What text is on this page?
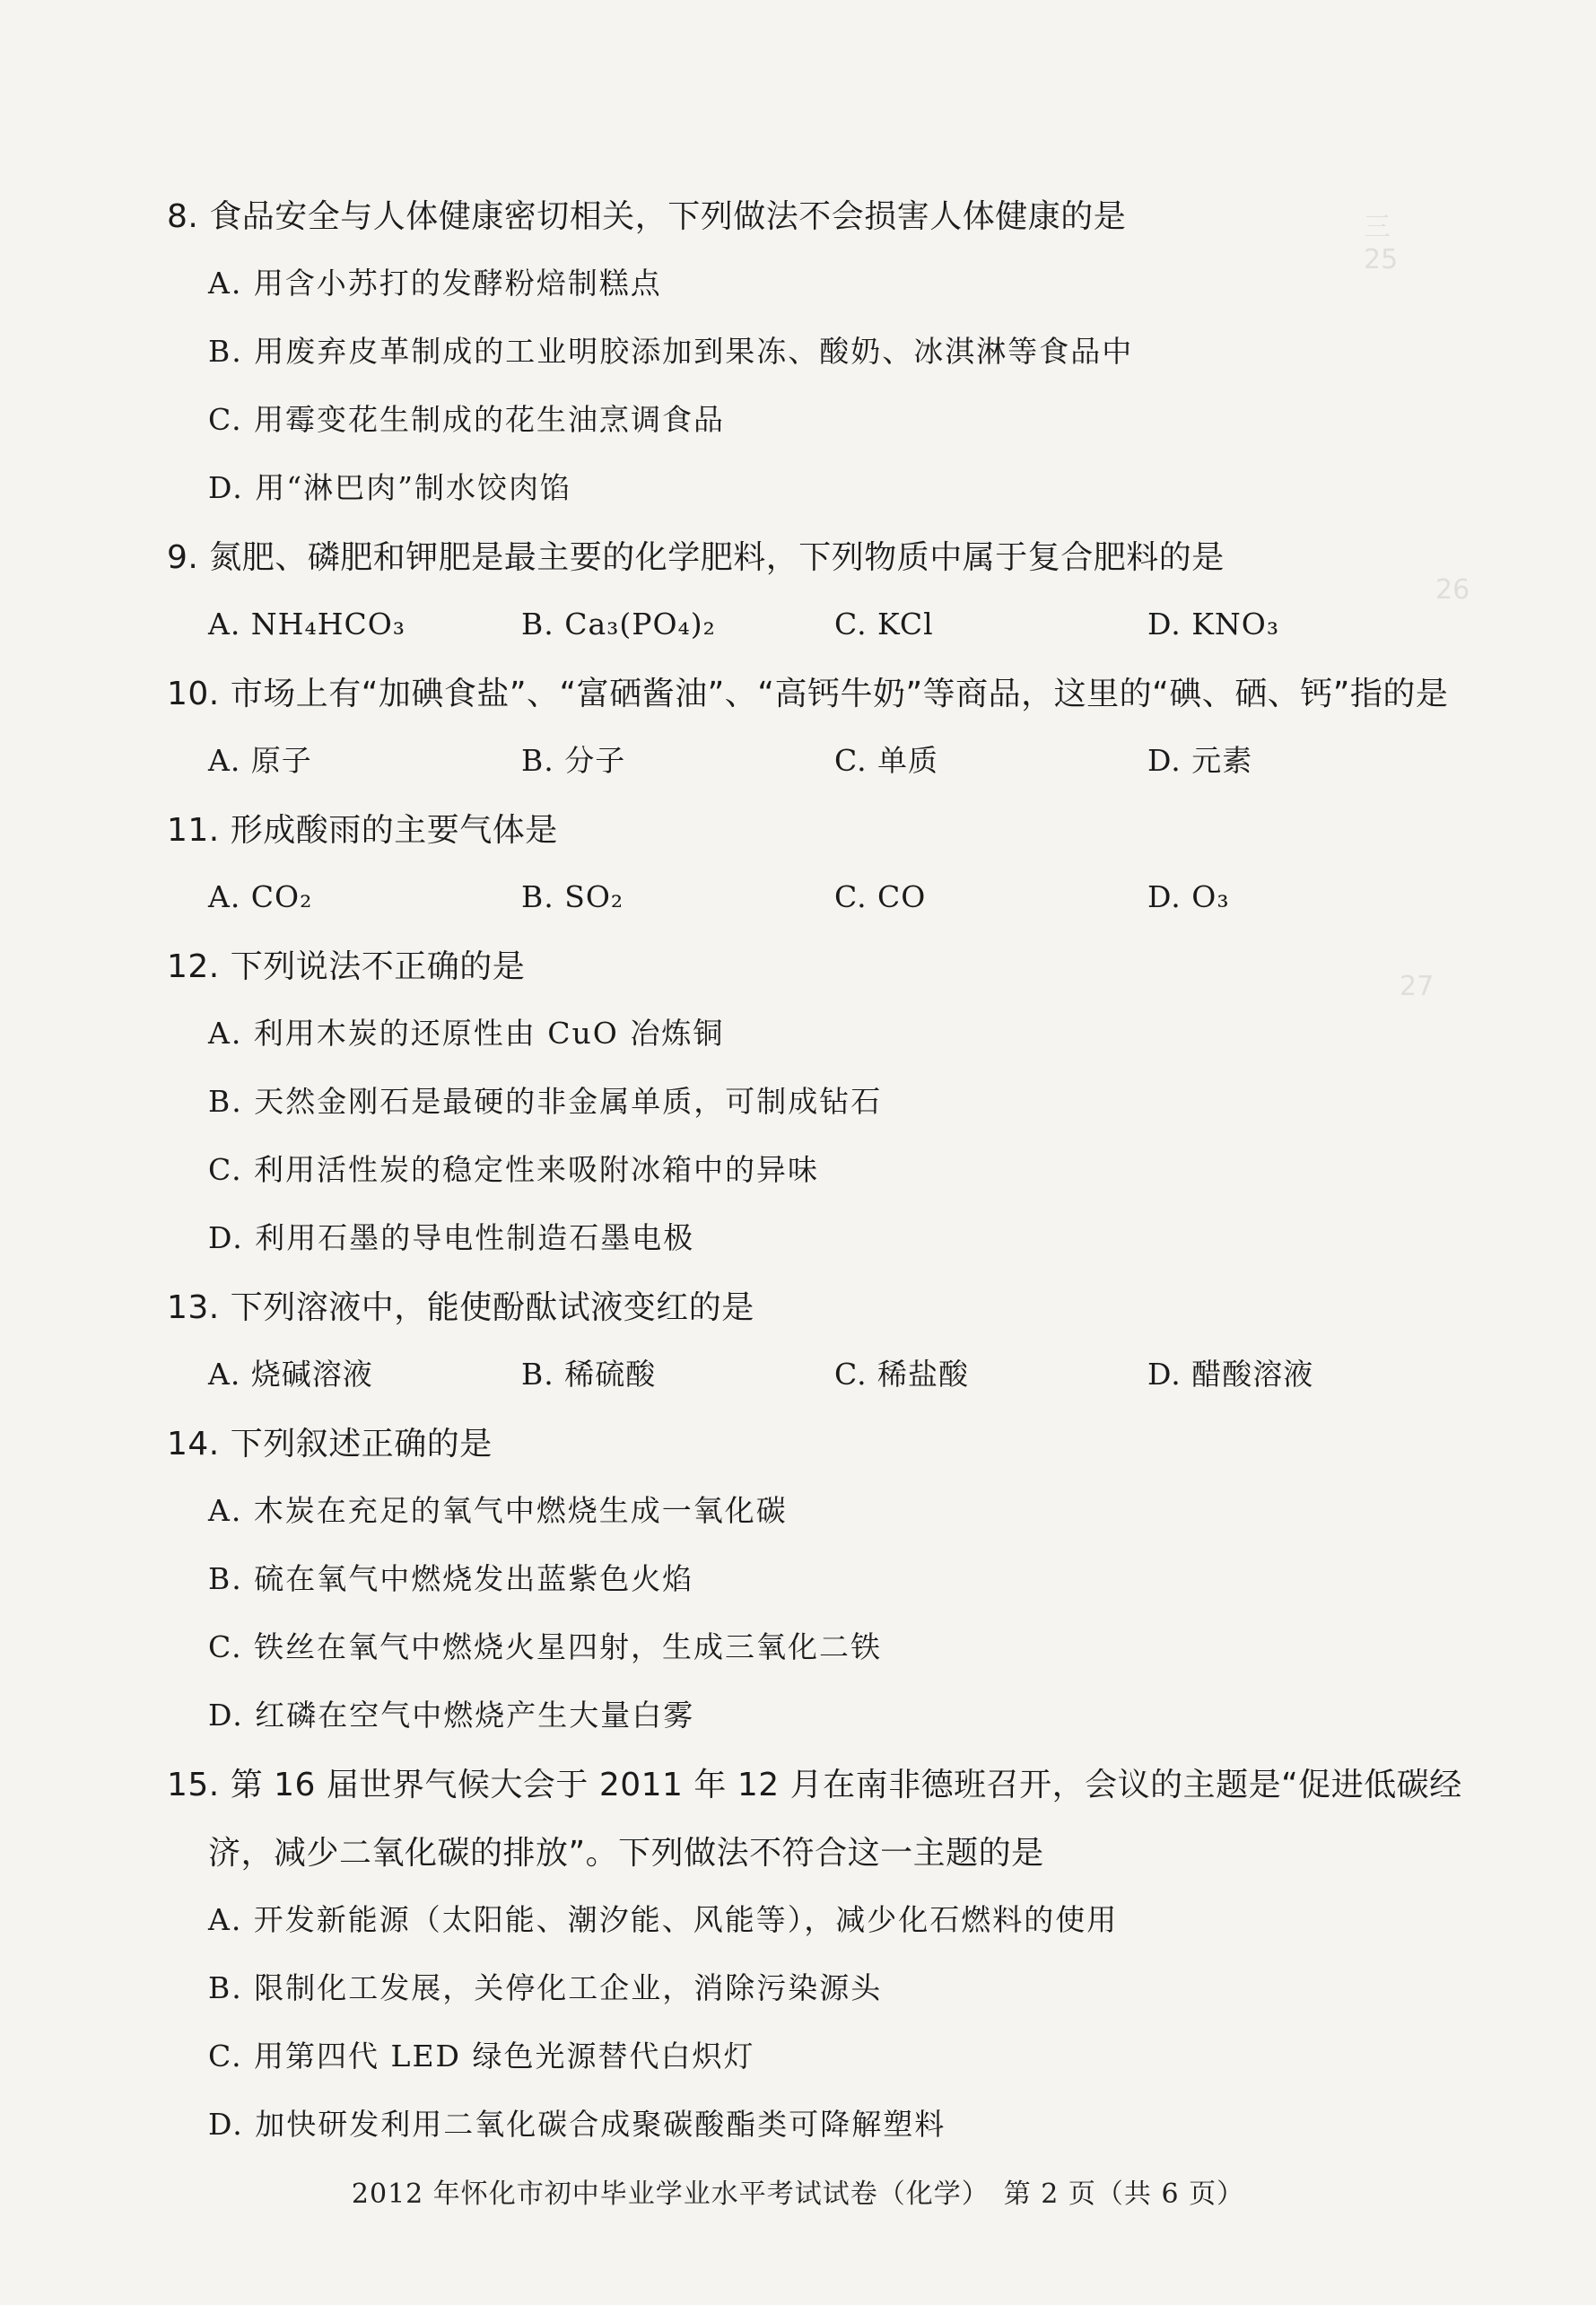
三
25
26
27

8. 食品安全与人体健康密切相关，下列做法不会损害人体健康的是

A. 用含小苏打的发酵粉焙制糕点

B. 用废弃皮革制成的工业明胶添加到果冻、酸奶、冰淇淋等食品中

C. 用霉变花生制成的花生油烹调食品

D. 用“淋巴肉”制水饺肉馅

9. 氮肥、磷肥和钾肥是最主要的化学肥料，下列物质中属于复合肥料的是

A. NH₄HCO₃	B. Ca₃(PO₄)₂	C. KCl	D. KNO₃

10. 市场上有“加碘食盐”、“富硒酱油”、“高钙牛奶”等商品，这里的“碘、硒、钙”指的是

A. 原子	B. 分子	C. 单质	D. 元素

11. 形成酸雨的主要气体是

A. CO₂	B. SO₂	C. CO	D. O₃

12. 下列说法不正确的是

A. 利用木炭的还原性由 CuO 冶炼铜

B. 天然金刚石是最硬的非金属单质，可制成钻石

C. 利用活性炭的稳定性来吸附冰箱中的异味

D. 利用石墨的导电性制造石墨电极

13. 下列溶液中，能使酚酞试液变红的是

A. 烧碱溶液	B. 稀硫酸	C. 稀盐酸	D. 醋酸溶液

14. 下列叙述正确的是

A. 木炭在充足的氧气中燃烧生成一氧化碳

B. 硫在氧气中燃烧发出蓝紫色火焰

C. 铁丝在氧气中燃烧火星四射，生成三氧化二铁

D. 红磷在空气中燃烧产生大量白雾

15. 第 16 届世界气候大会于 2011 年 12 月在南非德班召开，会议的主题是“促进低碳经

济，减少二氧化碳的排放”。下列做法不符合这一主题的是

A. 开发新能源（太阳能、潮汐能、风能等），减少化石燃料的使用

B. 限制化工发展，关停化工企业，消除污染源头

C. 用第四代 LED 绿色光源替代白炽灯

D. 加快研发利用二氧化碳合成聚碳酸酯类可降解塑料

2012 年怀化市初中毕业学业水平考试试卷（化学）　第 2 页（共 6 页）
